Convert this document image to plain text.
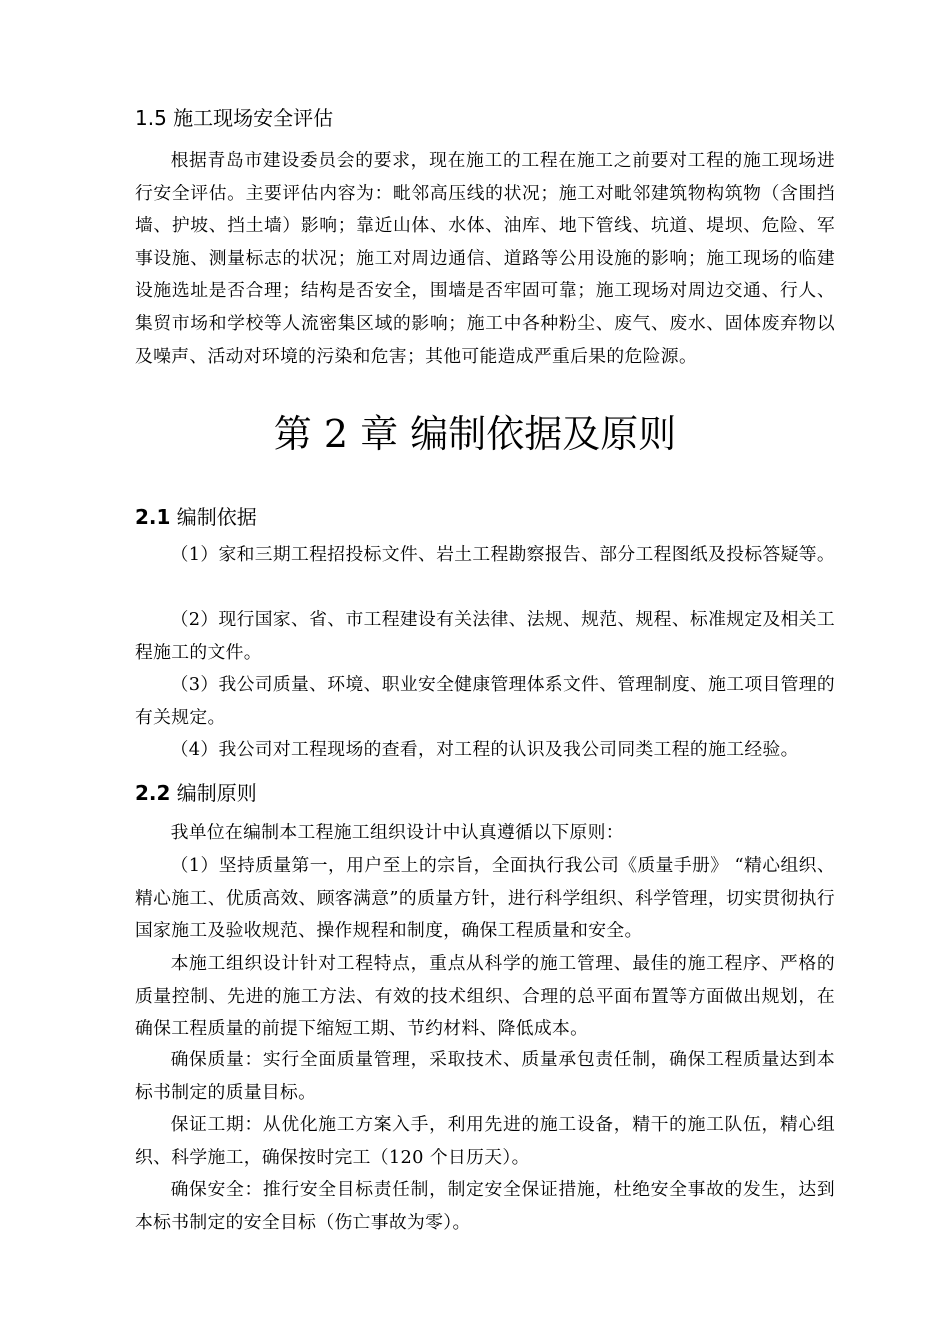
1.5 施工现场安全评估

根据青岛市建设委员会的要求，现在施工的工程在施工之前要对工程的施工现场进行安全评估。主要评估内容为：毗邻高压线的状况；施工对毗邻建筑物构筑物（含围挡墙、护坡、挡土墙）影响；靠近山体、水体、油库、地下管线、坑道、堤坝、危险、军事设施、测量标志的状况；施工对周边通信、道路等公用设施的影响；施工现场的临建设施选址是否合理；结构是否安全，围墙是否牢固可靠；施工现场对周边交通、行人、集贸市场和学校等人流密集区域的影响；施工中各种粉尘、废气、废水、固体废弃物以及噪声、活动对环境的污染和危害；其他可能造成严重后果的危险源。

第 2 章 编制依据及原则
2.1 编制依据

（1）家和三期工程招投标文件、岩土工程勘察报告、部分工程图纸及投标答疑等。

（2）现行国家、省、市工程建设有关法律、法规、规范、规程、标准规定及相关工程施工的文件。

（3）我公司质量、环境、职业安全健康管理体系文件、管理制度、施工项目管理的有关规定。

（4）我公司对工程现场的查看，对工程的认识及我公司同类工程的施工经验。

2.2 编制原则

我单位在编制本工程施工组织设计中认真遵循以下原则：

（1）坚持质量第一，用户至上的宗旨，全面执行我公司《质量手册》 “精心组织、精心施工、优质高效、顾客满意”的质量方针，进行科学组织、科学管理，切实贯彻执行国家施工及验收规范、操作规程和制度，确保工程质量和安全。

本施工组织设计针对工程特点，重点从科学的施工管理、最佳的施工程序、严格的质量控制、先进的施工方法、有效的技术组织、合理的总平面布置等方面做出规划，在确保工程质量的前提下缩短工期、节约材料、降低成本。

确保质量：实行全面质量管理，采取技术、质量承包责任制，确保工程质量达到本标书制定的质量目标。

保证工期：从优化施工方案入手，利用先进的施工设备，精干的施工队伍，精心组织、科学施工，确保按时完工（120 个日历天）。

确保安全：推行安全目标责任制，制定安全保证措施，杜绝安全事故的发生，达到本标书制定的安全目标（伤亡事故为零）。
